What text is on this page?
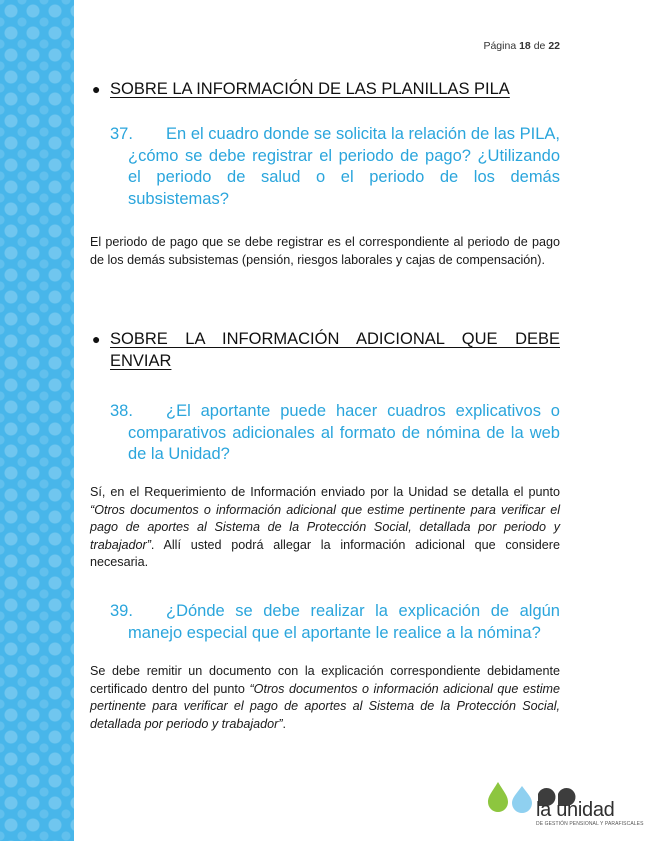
Página 18 de 22
● SOBRE LA INFORMACIÓN DE LAS PLANILLAS PILA
37.	En el cuadro donde se solicita la relación de las PILA, ¿cómo se debe registrar el periodo de pago? ¿Utilizando el periodo de salud o el periodo de los demás subsistemas?
El periodo de pago que se debe registrar es el correspondiente al periodo de pago de los demás subsistemas (pensión, riesgos laborales y cajas de compensación).
● SOBRE LA INFORMACIÓN ADICIONAL QUE DEBE ENVIAR
38.	¿El aportante puede hacer cuadros explicativos o comparativos adicionales al formato de nómina de la web de la Unidad?
Sí, en el Requerimiento de Información enviado por la Unidad se detalla el punto “Otros documentos o información adicional que estime pertinente para verificar el pago de aportes al Sistema de la Protección Social, detallada por periodo y trabajador”. Allí usted podrá allegar la información adicional que considere necesaria.
39.	¿Dónde se debe realizar la explicación de algún manejo especial que el aportante le realice a la nómina?
Se debe remitir un documento con la explicación correspondiente debidamente certificado dentro del punto “Otros documentos o información adicional que estime pertinente para verificar el pago de aportes al Sistema de la Protección Social, detallada por periodo y trabajador”.
la unidad
DE GESTIÓN PENSIONAL Y PARAFISCALES
